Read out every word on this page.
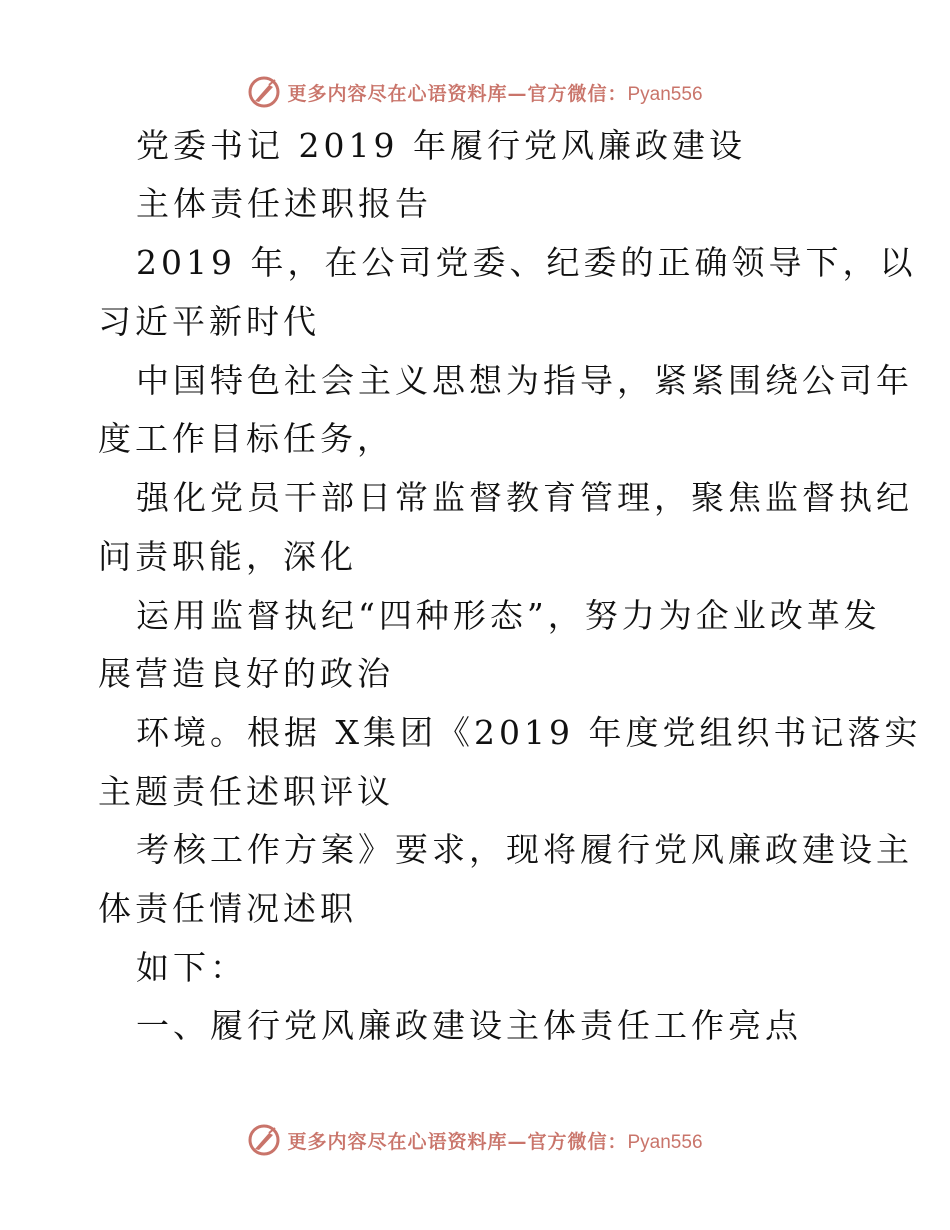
更多内容尽在心语资料库—官方微信：Pyan556
党委书记 2019 年履行党风廉政建设
主体责任述职报告
2019 年，在公司党委、纪委的正确领导下，以
习近平新时代
中国特色社会主义思想为指导，紧紧围绕公司年
度工作目标任务，
强化党员干部日常监督教育管理，聚焦监督执纪
问责职能，深化
运用监督执纪“四种形态”，努力为企业改革发
展营造良好的政治
环境。根据 X集团《2019 年度党组织书记落实
主题责任述职评议
考核工作方案》要求，现将履行党风廉政建设主
体责任情况述职
如下：
一、履行党风廉政建设主体责任工作亮点
更多内容尽在心语资料库—官方微信：Pyan556
